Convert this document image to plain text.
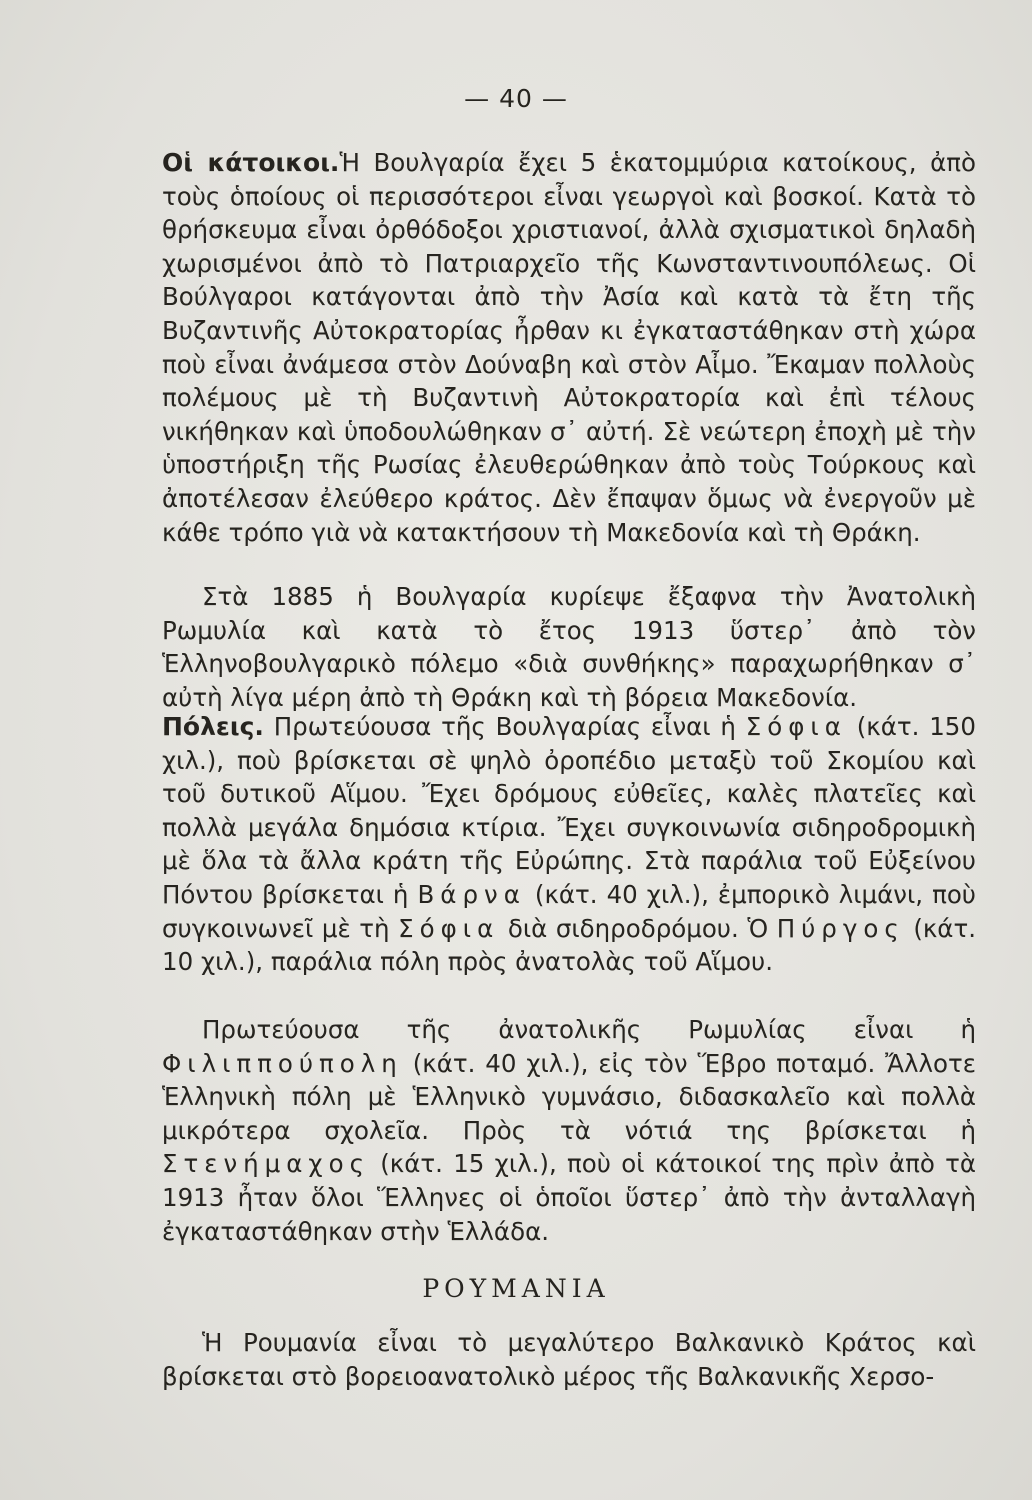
— 40 —

Οἱ κάτοικοι.Ἡ Βουλγαρία ἔχει 5 ἑκατομμύρια κατοίκους, ἀπὸ τοὺς ὁποίους οἱ περισσότεροι εἶναι γεωργοὶ καὶ βοσκοί. Κατὰ τὸ θρήσκευμα εἶναι ὀρθόδοξοι χριστιανοί, ἀλλὰ σχισματικοὶ δηλαδὴ χωρισμένοι ἀπὸ τὸ Πατριαρχεῖο τῆς Κωνσταντινουπόλεως. Οἱ Βούλγαροι κατάγονται ἀπὸ τὴν Ἀσία καὶ κατὰ τὰ ἔτη τῆς Βυζαντινῆς Αὐτοκρατορίας ἦρθαν κι ἐγκαταστάθηκαν στὴ χώρα ποὺ εἶναι ἀνάμεσα στὸν Δούναβη καὶ στὸν Αἶμο. Ἔκαμαν πολλοὺς πολέμους μὲ τὴ Βυζαντινὴ Αὐτοκρατορία καὶ ἐπὶ τέλους νικήθηκαν καὶ ὑποδουλώθηκαν σ᾽ αὐτή. Σὲ νεώτερη ἐποχὴ μὲ τὴν ὑποστήριξη τῆς Ρωσίας ἐλευθερώθηκαν ἀπὸ τοὺς Τούρκους καὶ ἀποτέλεσαν ἐλεύθερο κράτος. Δὲν ἔπαψαν ὅμως νὰ ἐνεργοῦν μὲ κάθε τρόπο γιὰ νὰ κατακτήσουν τὴ Μακεδονία καὶ τὴ Θράκη.

Στὰ 1885 ἡ Βουλγαρία κυρίεψε ἔξαφνα τὴν Ἀνατολικὴ Ρωμυλία καὶ κατὰ τὸ ἔτος 1913 ὕστερ᾽ ἀπὸ τὸν Ἑλληνοβουλγαρικὸ πόλεμο «διὰ συνθήκης» παραχωρήθηκαν σ᾽ αὐτὴ λίγα μέρη ἀπὸ τὴ Θράκη καὶ τὴ βόρεια Μακεδονία.

Πόλεις. Πρωτεύουσα τῆς Βουλγαρίας εἶναι ἡ Σόφια (κάτ. 150 χιλ.), ποὺ βρίσκεται σὲ ψηλὸ ὀροπέδιο μεταξὺ τοῦ Σκομίου καὶ τοῦ δυτικοῦ Αἵμου. Ἔχει δρόμους εὐθεῖες, καλὲς πλατεῖες καὶ πολλὰ μεγάλα δημόσια κτίρια. Ἔχει συγκοινωνία σιδηροδρομικὴ μὲ ὅλα τὰ ἄλλα κράτη τῆς Εὐρώπης. Στὰ παράλια τοῦ Εὐξείνου Πόντου βρίσκεται ἡ Βάρνα (κάτ. 40 χιλ.), ἐμπορικὸ λιμάνι, ποὺ συγκοινωνεῖ μὲ τὴ Σόφια διὰ σιδηροδρόμου. Ὁ Πύργος (κάτ. 10 χιλ.), παράλια πόλη πρὸς ἀνατολὰς τοῦ Αἵμου.

Πρωτεύουσα τῆς ἀνατολικῆς Ρωμυλίας εἶναι ἡ Φιλιππούπολη (κάτ. 40 χιλ.), εἰς τὸν Ἕβρο ποταμό. Ἄλλοτε Ἑλληνικὴ πόλη μὲ Ἑλληνικὸ γυμνάσιο, διδασκαλεῖο καὶ πολλὰ μικρότερα σχολεῖα. Πρὸς τὰ νότιά της βρίσκεται ἡ Στενήμαχος (κάτ. 15 χιλ.), ποὺ οἱ κάτοικοί της πρὶν ἀπὸ τὰ 1913 ἦταν ὅλοι Ἕλληνες οἱ ὁποῖοι ὕστερ᾽ ἀπὸ τὴν ἀνταλλαγὴ ἐγκαταστάθηκαν στὴν Ἑλλάδα.

ΡΟΥΜΑΝΙΑ

Ἡ Ρουμανία εἶναι τὸ μεγαλύτερο Βαλκανικὸ Κράτος καὶ βρίσκεται στὸ βορειοανατολικὸ μέρος τῆς Βαλκανικῆς Χερσο-
